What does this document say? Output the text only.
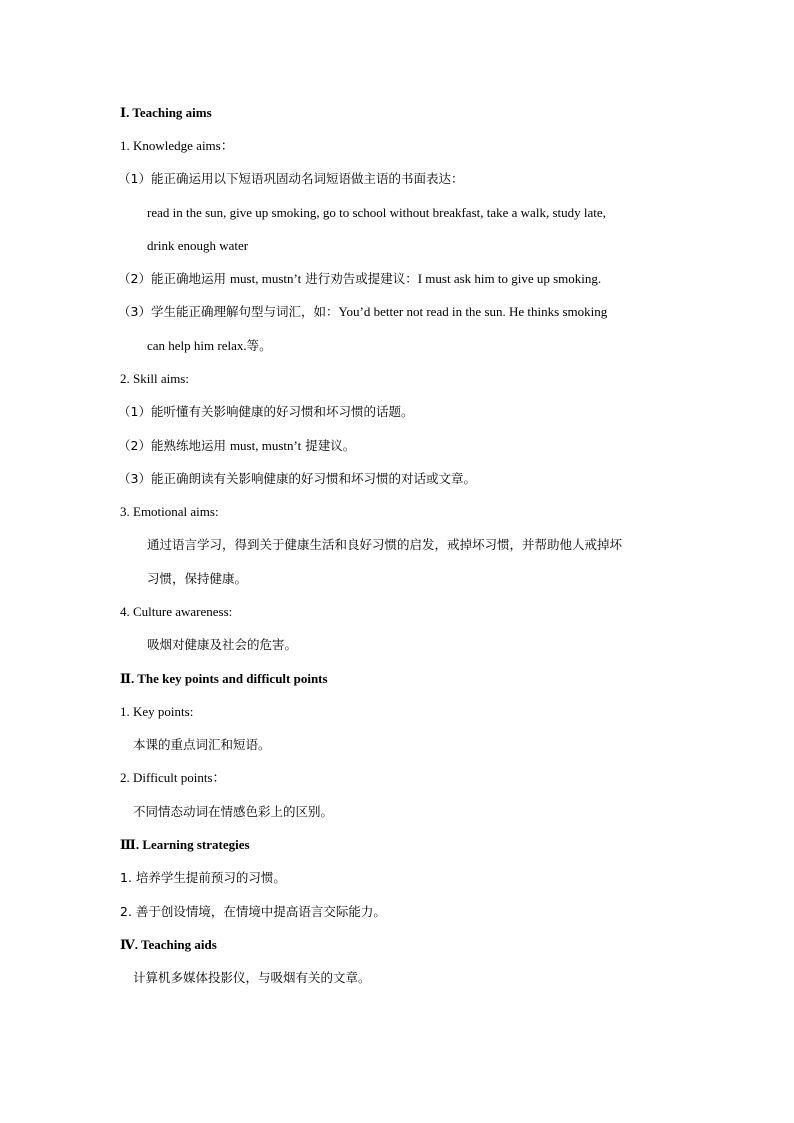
Ⅰ. Teaching aims
1. Knowledge aims：
（1）能正确运用以下短语巩固动名词短语做主语的书面表达：
read in the sun, give up smoking, go to school without breakfast, take a walk, study late,
drink enough water
（2）能正确地运用 must, mustn’t 进行劝告或提建议：I must ask him to give up smoking.
（3）学生能正确理解句型与词汇，如：You’d better not read in the sun. He thinks smoking
can help him relax.等。
2. Skill aims:
（1）能听懂有关影响健康的好习惯和坏习惯的话题。
（2）能熟练地运用 must, mustn’t 提建议。
（3）能正确朗读有关影响健康的好习惯和坏习惯的对话或文章。
3. Emotional aims:
通过语言学习，得到关于健康生活和良好习惯的启发，戒掉坏习惯，并帮助他人戒掉坏
习惯，保持健康。
4. Culture awareness:
吸烟对健康及社会的危害。
Ⅱ. The key points and difficult points
1. Key points:
本课的重点词汇和短语。
2. Difficult points：
不同情态动词在情感色彩上的区别。
Ⅲ. Learning strategies
1. 培养学生提前预习的习惯。
2. 善于创设情境，在情境中提高语言交际能力。
Ⅳ. Teaching aids
计算机多媒体投影仪，与吸烟有关的文章。
